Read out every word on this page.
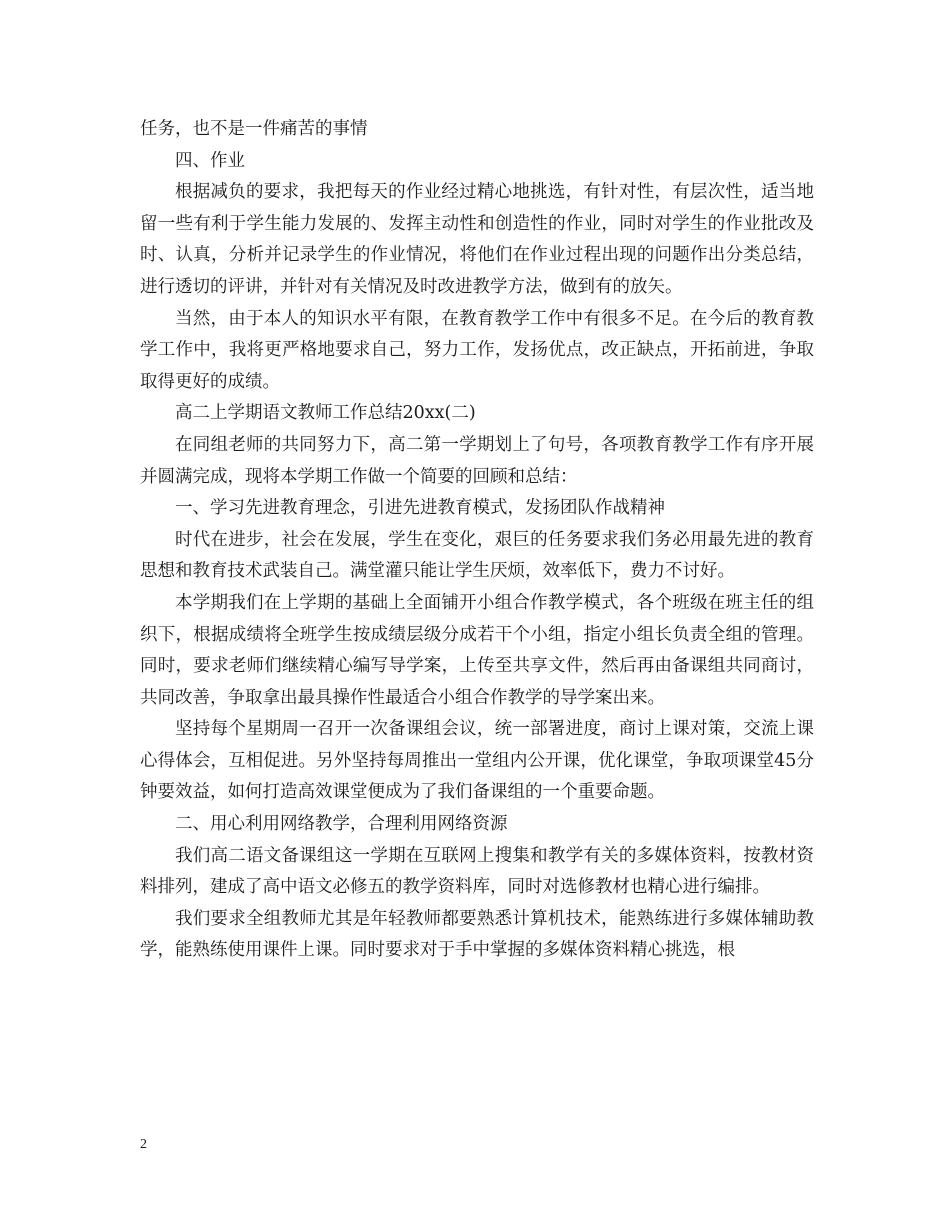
任务，也不是一件痛苦的事情

四、作业

根据减负的要求，我把每天的作业经过精心地挑选，有针对性，有层次性，适当地留一些有利于学生能力发展的、发挥主动性和创造性的作业，同时对学生的作业批改及时、认真，分析并记录学生的作业情况，将他们在作业过程出现的问题作出分类总结，进行透切的评讲，并针对有关情况及时改进教学方法，做到有的放矢。

当然，由于本人的知识水平有限，在教育教学工作中有很多不足。在今后的教育教学工作中，我将更严格地要求自己，努力工作，发扬优点，改正缺点，开拓前进，争取取得更好的成绩。

高二上学期语文教师工作总结20xx(二)

在同组老师的共同努力下，高二第一学期划上了句号，各项教育教学工作有序开展并圆满完成，现将本学期工作做一个简要的回顾和总结：

一、学习先进教育理念，引进先进教育模式，发扬团队作战精神

时代在进步，社会在发展，学生在变化，艰巨的任务要求我们务必用最先进的教育思想和教育技术武装自己。满堂灌只能让学生厌烦，效率低下，费力不讨好。

本学期我们在上学期的基础上全面铺开小组合作教学模式，各个班级在班主任的组织下，根据成绩将全班学生按成绩层级分成若干个小组，指定小组长负责全组的管理。同时，要求老师们继续精心编写导学案，上传至共享文件，然后再由备课组共同商讨，共同改善，争取拿出最具操作性最适合小组合作教学的导学案出来。

坚持每个星期周一召开一次备课组会议，统一部署进度，商讨上课对策，交流上课心得体会，互相促进。另外坚持每周推出一堂组内公开课，优化课堂，争取项课堂45分钟要效益，如何打造高效课堂便成为了我们备课组的一个重要命题。

二、用心利用网络教学，合理利用网络资源

我们高二语文备课组这一学期在互联网上搜集和教学有关的多媒体资料，按教材资料排列，建成了高中语文必修五的教学资料库，同时对选修教材也精心进行编排。

我们要求全组教师尤其是年轻教师都要熟悉计算机技术，能熟练进行多媒体辅助教学，能熟练使用课件上课。同时要求对于手中掌握的多媒体资料精心挑选，根

2
